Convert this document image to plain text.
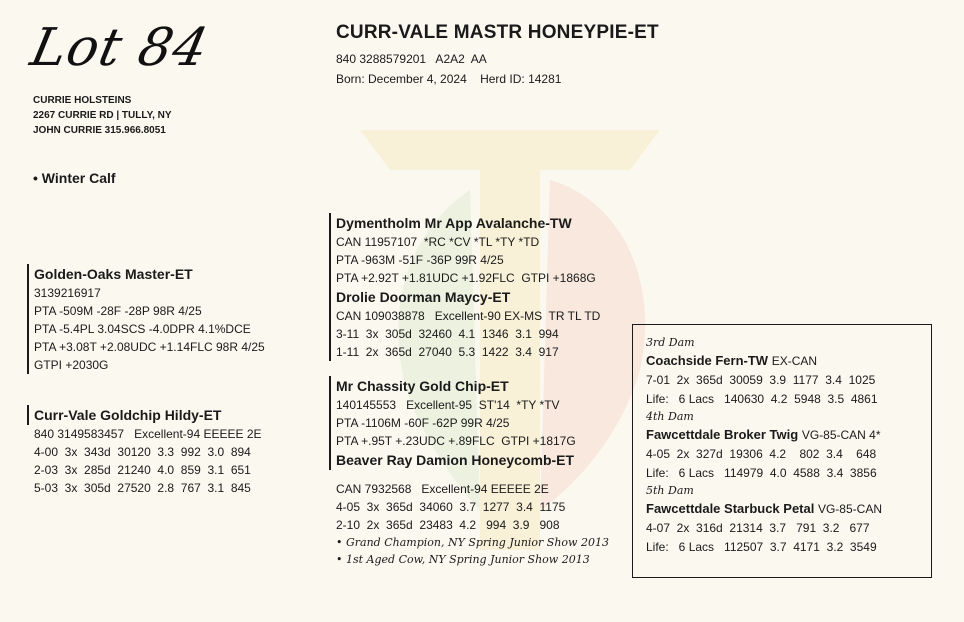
Lot 84
CURRIE HOLSTEINS
2267 CURRIE RD | TULLY, NY
JOHN CURRIE 315.966.8051
• Winter Calf
CURR-VALE MASTR HONEYPIE-ET
840 3288579201   A2A2  AA
Born: December 4, 2024    Herd ID: 14281
Golden-Oaks Master-ET
3139216917
PTA -509M -28F -28P 98R 4/25
PTA -5.4PL 3.04SCS -4.0DPR 4.1%DCE
PTA +3.08T +2.08UDC +1.14FLC 98R 4/25
GTPI +2030G
Curr-Vale Goldchip Hildy-ET
840 3149583457   Excellent-94 EEEEE 2E
4-00  3x  343d  30120  3.3  992  3.0  894
2-03  3x  285d  21240  4.0  859  3.1  651
5-03  3x  305d  27520  2.8  767  3.1  845
Dymentholm Mr App Avalanche-TW
CAN 11957107  *RC *CV *TL *TY *TD
PTA -963M -51F -36P 99R 4/25
PTA +2.92T +1.81UDC +1.92FLC  GTPI +1868G
Drolie Doorman Maycy-ET
CAN 109038878   Excellent-90 EX-MS  TR TL TD
3-11  3x  305d  32460  4.1  1346  3.1  994
1-11  2x  365d  27040  5.3  1422  3.4  917
Mr Chassity Gold Chip-ET
140145553   Excellent-95  ST'14  *TY *TV
PTA -1106M -60F -62P 99R 4/25
PTA +.95T +.23UDC +.89FLC  GTPI +1817G
Beaver Ray Damion Honeycomb-ET
CAN 7932568   Excellent-94 EEEEE 2E
4-05  3x  365d  34060  3.7  1277  3.4  1175
2-10  2x  365d  23483  4.2   994  3.9   908
• Grand Champion, NY Spring Junior Show 2013
• 1st Aged Cow, NY Spring Junior Show 2013
3rd Dam
Coachside Fern-TW EX-CAN
7-01  2x  365d  30059  3.9  1177  3.4  1025
Life:   6 Lacs   140630  4.2  5948  3.5  4861
4th Dam
Fawcettdale Broker Twig VG-85-CAN 4*
4-05  2x  327d  19306  4.2    802  3.4    648
Life:   6 Lacs   114979  4.0  4588  3.4  3856
5th Dam
Fawcettdale Starbuck Petal VG-85-CAN
4-07  2x  316d  21314  3.7   791  3.2   677
Life:   6 Lacs   112507  3.7  4171  3.2  3549
